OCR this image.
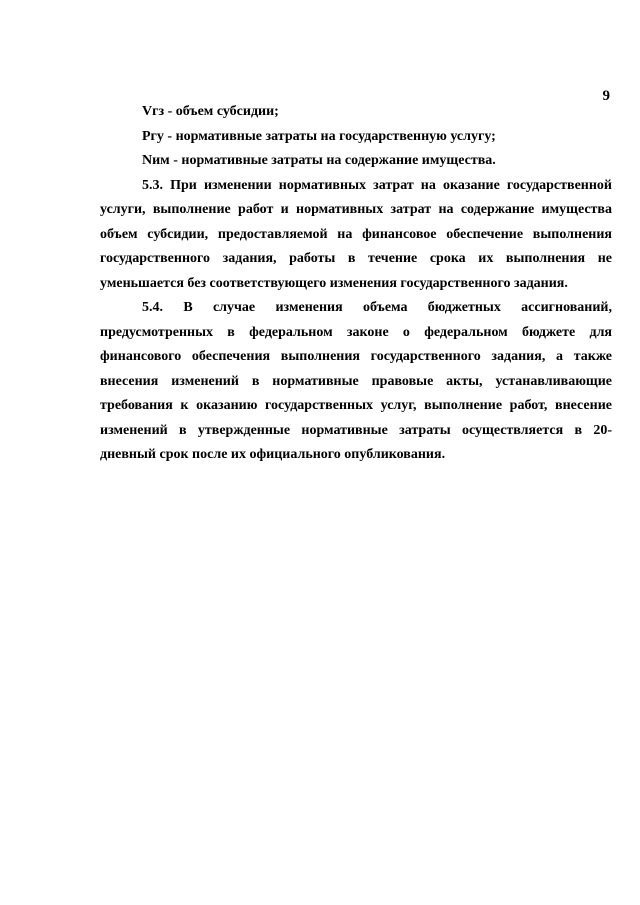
9

Vгз - объем субсидии;

Pгу - нормативные затраты на государственную услугу;

Nим - нормативные затраты на содержание имущества.

5.3. При изменении нормативных затрат на оказание государственной услуги, выполнение работ и нормативных затрат на содержание имущества объем субсидии, предоставляемой на финансовое обеспечение выполнения государственного задания, работы в течение срока их выполнения не уменьшается без соответствующего изменения государственного задания.

5.4. В случае изменения объема бюджетных ассигнований, предусмотренных в федеральном законе о федеральном бюджете для финансового обеспечения выполнения государственного задания, а также внесения изменений в нормативные правовые акты, устанавливающие требования к оказанию государственных услуг, выполнение работ, внесение изменений в утвержденные нормативные затраты осуществляется в 20-дневный срок после их официального опубликования.
